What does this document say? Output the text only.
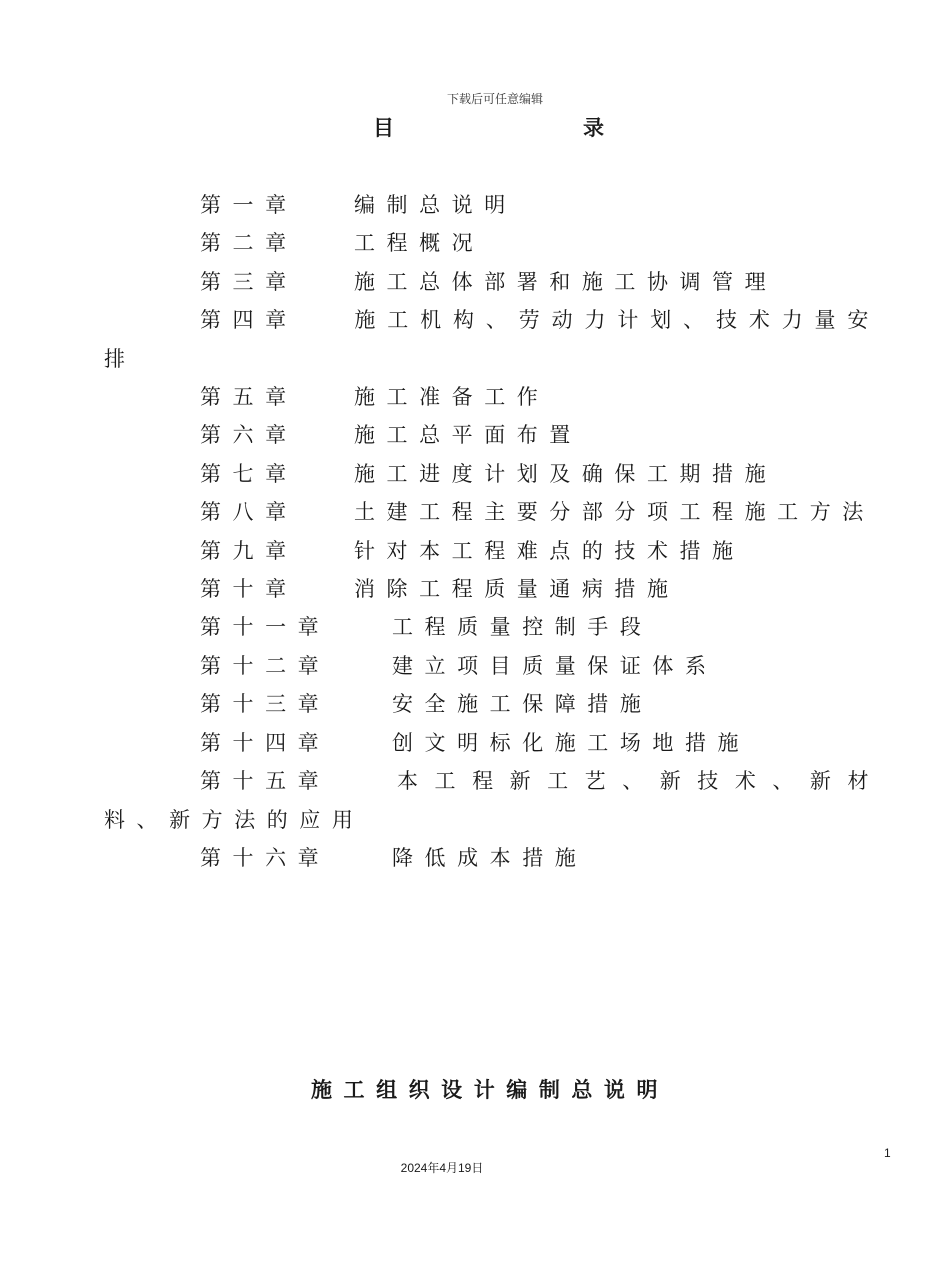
下载后可任意编辑
目	录
第一章	编制总说明
第二章	工程概况
第三章	施工总体部署和施工协调管理
第四章	施工机构、劳动力计划、技术力量安排
第五章	施工准备工作
第六章	施工总平面布置
第七章	施工进度计划及确保工期措施
第八章	土建工程主要分部分项工程施工方法
第九章	针对本工程难点的技术措施
第十章	消除工程质量通病措施
第十一章	工程质量控制手段
第十二章	建立项目质量保证体系
第十三章	安全施工保障措施
第十四章	创文明标化施工场地措施
第十五章	本工程新工艺、新技术、新材料、新方法的应用
第十六章	降低成本措施
施工组织设计编制总说明
1
2024年4月19日
